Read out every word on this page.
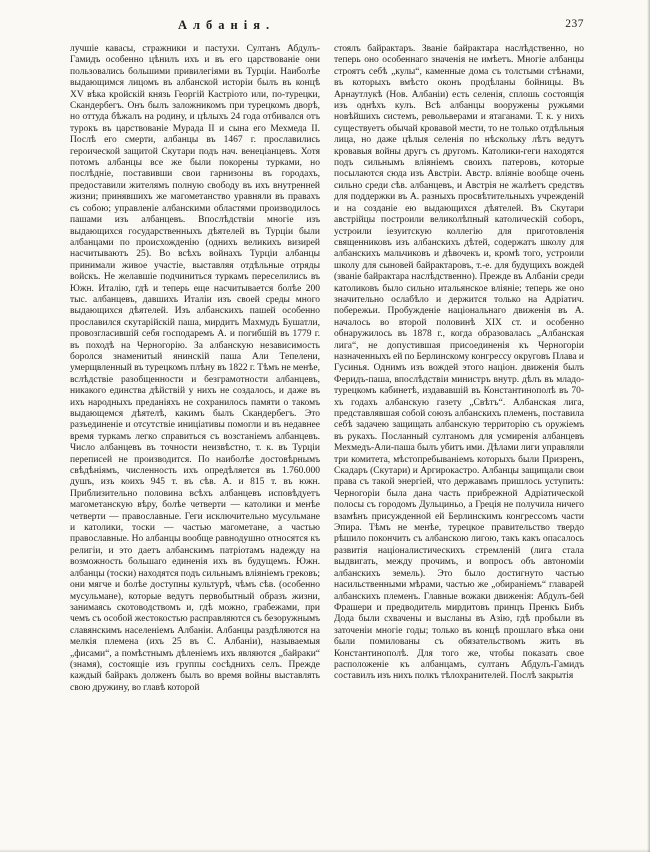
Албанія.	237
лучшіе кавасы, стражники и пастухи. Султанъ Абдулъ-Гамидъ особенно цѣнилъ ихъ и въ его царствованіе они пользовались большими привилегіями въ Турціи. Наиболѣе выдающимся лицомъ въ албанской исторіи былъ въ концѣ XV вѣка кройскій князь Георгій Кастріото или, по-турецки, Скандербегъ. Онъ былъ заложникомъ при турецкомъ дворѣ, но оттуда бѣжалъ на родину, и цѣлыхъ 24 года отбивался отъ турокъ въ царствованіе Мурада II и сына его Мехмеда II. Послѣ его смерти, албанцы въ 1467 г. прославились героической защитой Скутари подъ нач. венеціанцевъ. Хотя потомъ албанцы все же были покорены турками, но послѣдніе, поставивши свои гарнизоны въ городахъ, предоставили жителямъ полную свободу въ ихъ внутренней жизни; принявшихъ же магометанство уравняли въ правахъ съ собою; управленіе албанскими областями производилось пашами изъ албанцевъ. Впослѣдствіи многіе изъ выдающихся государственныхъ дѣятелей въ Турціи были албанцами по происхожденію (однихъ великихъ визирей насчитываютъ 25). Во всѣхъ войнахъ Турціи албанцы принимали живое участіе, выставляя отдѣльные отряды войскъ. Не желавшіе подчиниться туркамъ переселились въ Южн. Италію, гдѣ и теперь еще насчитывается болѣе 200 тыс. албанцевъ, давшихъ Италіи изъ своей среды много выдающихся дѣятелей. Изъ албанскихъ пашей особенно прославился скутарійскій паша, мирдитъ Махмудъ Бушатли, провозгласившій себя господаремъ А. и погибшій въ 1779 г. въ походѣ на Черногорію. За албанскую независимость боролся знаменитый янинскій паша Али Тепелени, умерщвленный въ турецкомъ плѣну въ 1822 г. Тѣмъ не менѣе, вслѣдствіе разобщенности и безграмотности албанцевъ, никакого единства дѣйствій у нихъ не создалось, и даже въ ихъ народныхъ преданіяхъ не сохранилось памяти о такомъ выдающемся дѣятелѣ, какимъ былъ Скандербегъ. Это разъединеніе и отсутствіе иниціативы помогли и въ недавнее время туркамъ легко справиться съ возстаніемъ албанцевъ. Число албанцевъ въ точности неизвѣстно, т. к. въ Турціи переписей не производится. По наиболѣе достовѣрнымъ свѣдѣніямъ, численность ихъ опредѣляется въ 1.760.000 душъ, изъ коихъ 945 т. въ сѣв. А. и 815 т. въ южн. Приблизительно половина всѣхъ албанцевъ исповѣдуетъ магометанскую вѣру, болѣе четверти — католики и менѣе четверти — православные. Геги исключительно мусульмане и католики, тоски — частью магометане, а частью православные. Но албанцы вообще равнодушно относятся къ религіи, и это даетъ албанскимъ патріотамъ надежду на возможность большаго единенія ихъ въ будущемъ. Южн. албанцы (тоски) находятся подъ сильнымъ вліяніемъ грековъ; они мягче и болѣе доступны культурѣ, чѣмъ сѣв. (особенно мусульмане), которые ведутъ первобытный образъ жизни, занимаясь скотоводствомъ и, гдѣ можно, грабежами, при чемъ съ особой жестокостью расправляются съ безоружнымъ славянскимъ населеніемъ Албаніи. Албанцы раздѣляются на мелкія племена (ихъ 25 въ С. Албаніи), называемыя „фисами“, а помѣстнымъ дѣленіемъ ихъ являются „байраки“ (знамя), состоящіе изъ группы сосѣднихъ селъ. Прежде каждый байракъ долженъ былъ во время войны выставлять свою дружину, во главѣ которой
стоялъ байрактаръ. Званіе байрактара наслѣдственно, но теперь оно особеннаго значенія не имѣетъ. Многіе албанцы строятъ себѣ „кулы“, каменные дома съ толстыми стѣнами, въ которыхъ вмѣсто оконъ продѣланы бойницы. Въ Арнаутлукѣ (Нов. Албаніи) есть селенія, сплошь состоящія изъ однѣхъ кулъ. Всѣ албанцы вооружены ружьями новѣйшихъ системъ, револьверами и ятаганами. Т. к. у нихъ существуетъ обычай кровавой мести, то не только отдѣльныя лица, но даже цѣлыя селенія по нѣскольку лѣтъ ведутъ кровавыя войны другъ съ другомъ. Католики-геги находятся подъ сильнымъ вліяніемъ своихъ патеровъ, которые посылаются сюда изъ Австріи. Австр. вліяніе вообще очень сильно среди сѣв. албанцевъ, и Австрія не жалѣетъ средствъ для поддержки въ А. разныхъ просвѣтительныхъ учрежденій и на созданіе ею выдающихся дѣятелей. Въ Скутари австрійцы построили великолѣпный католическій соборъ, устроили іезуитскую коллегію для приготовленія священниковъ изъ албанскихъ дѣтей, содержатъ школу для албанскихъ мальчиковъ и дѣвочекъ и, кромѣ того, устроили школу для сыновей байрактаровъ, т.-е. для будущихъ вождей (званіе байрактара наслѣдственно). Прежде въ Албаніи среди католиковъ было сильно итальянское вліяніе; теперь же оно значительно ослабѣло и держится только на Адріатич. побережьи. Пробужденіе національнаго движенія въ А. началось во второй половинѣ XIX ст. и особенно обнаружилось въ 1878 г., когда образовалась „Албанская лига“, не допустившая присоединенія къ Черногоріи назначенныхъ ей по Берлинскому конгрессу округовъ Плава и Гусинья. Однимъ изъ вождей этого націон. движенія былъ Феридъ-паша, впослѣдствіи министръ внутр. дѣлъ въ младо-турецкомъ кабинетѣ, издававшій въ Константинополѣ въ 70-хъ годахъ албанскую газету „Свѣтъ“. Албанская лига, представлявшая собой союзъ албанскихъ племенъ, поставила себѣ задачею защищать албанскую территорію съ оружіемъ въ рукахъ. Посланный султаномъ для усмиренія албанцевъ Мехмедъ-Али-паша былъ убитъ ими. Дѣлами лиги управляли три комитета, мѣстопребываніемъ которыхъ были Призренъ, Скадаръ (Скутари) и Аргирокастро. Албанцы защищали свои права съ такой энергіей, что державамъ пришлось уступить: Черногоріи была дана часть прибрежной Адріатической полосы съ городомъ Дульциньо, а Греція не получила ничего взамѣнъ присужденной ей Берлинскимъ конгрессомъ части Эпира. Тѣмъ не менѣе, турецкое правительство твердо рѣшило покончить съ албанскою лигою, такъ какъ опасалось развитія націоналистическихъ стремленій (лига стала выдвигать, между прочимъ, и вопросъ объ автономіи албанскихъ земель). Это было достигнуто частью насильственными мѣрами, частью же „обираніемъ“ главарей албанскихъ племенъ. Главные вожаки движенія: Абдулъ-бей Фрашери и предводитель мирдитовъ принцъ Пренкъ Бибъ Дода были схвачены и высланы въ Азію, гдѣ пробыли въ заточеніи многіе годы; только въ концѣ прошлаго вѣка они были помилованы съ обязательствомъ жить въ Константинополѣ. Для того же, чтобы показать свое расположеніе къ албанцамъ, султанъ Абдулъ-Гамидъ составилъ изъ нихъ полкъ тѣлохранителей. Послѣ закрытія
